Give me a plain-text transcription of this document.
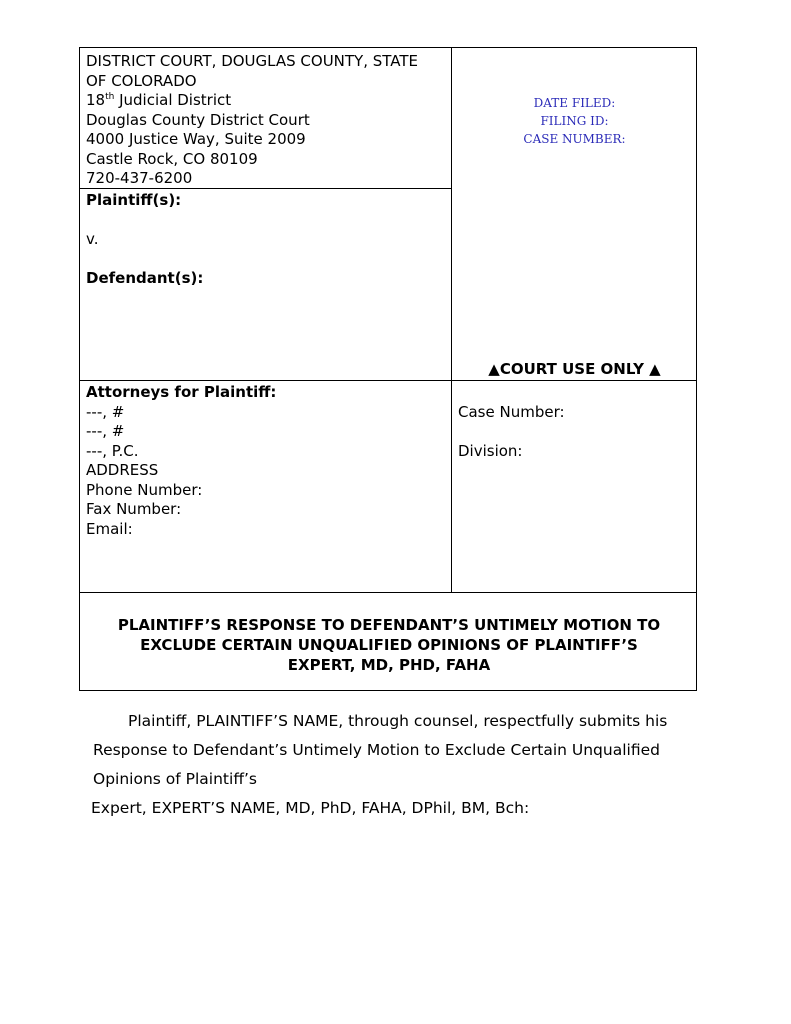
DISTRICT COURT, DOUGLAS COUNTY, STATE
OF COLORADO
18th Judicial District
Douglas County District Court
4000 Justice Way, Suite 2009
Castle Rock, CO 80109
720-437-6200
DATE FILED:
FILING ID:
CASE NUMBER:
Plaintiff(s):
v.
Defendant(s):
▲COURT USE ONLY ▲
Attorneys for Plaintiff:
---, #
---, #
---, P.C.
ADDRESS
Phone Number:
Fax Number:
Email:
Case Number:
Division:
PLAINTIFF’S RESPONSE TO DEFENDANT’S UNTIMELY MOTION TO
EXCLUDE CERTAIN UNQUALIFIED OPINIONS OF PLAINTIFF’S
EXPERT, MD, PHD, FAHA
Plaintiff, PLAINTIFF’S NAME, through counsel, respectfully submits his
Response to Defendant’s Untimely Motion to Exclude Certain Unqualified
Opinions of Plaintiff’s
Expert, EXPERT’S NAME, MD, PhD, FAHA, DPhil, BM, Bch:
